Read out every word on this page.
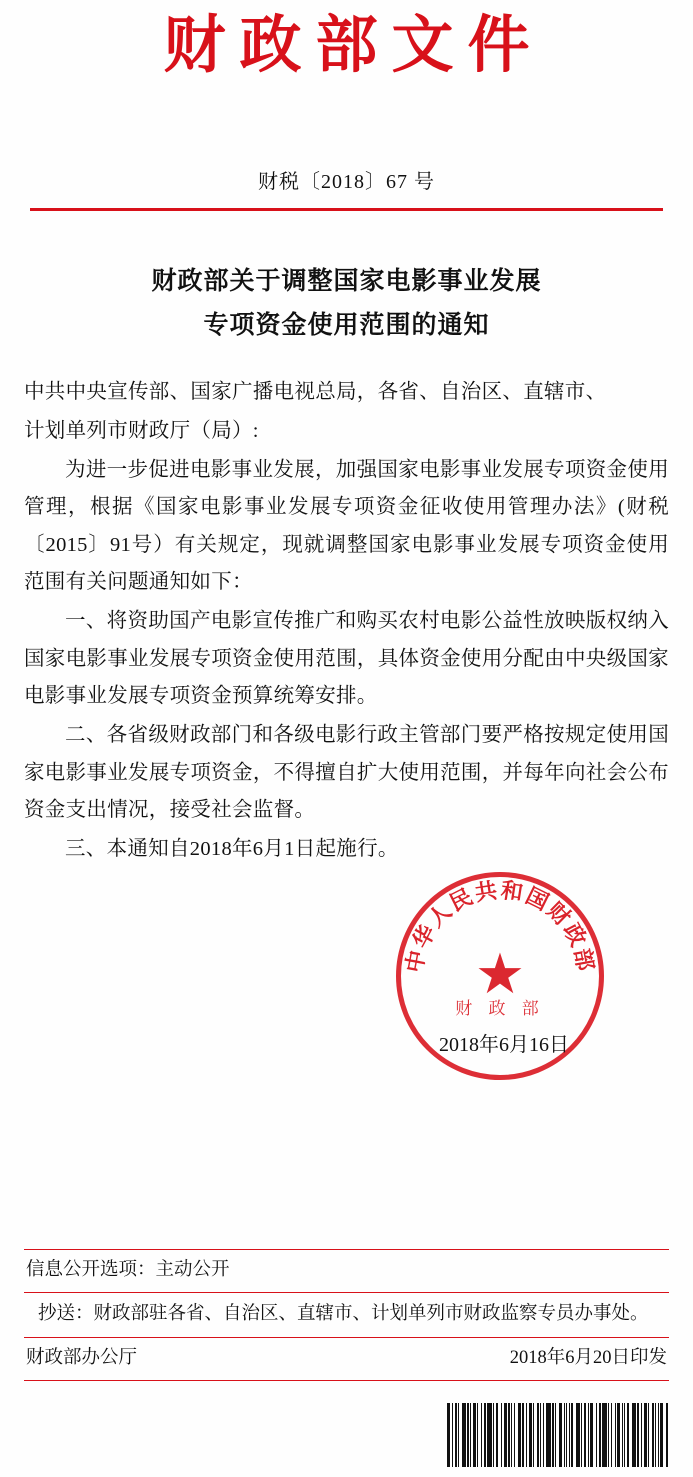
财政部文件
财税〔2018〕67 号
财政部关于调整国家电影事业发展
专项资金使用范围的通知

中共中央宣传部、国家广播电视总局，各省、自治区、直辖市、

计划单列市财政厅（局）:

为进一步促进电影事业发展，加强国家电影事业发展专项资金使用管理，根据《国家电影事业发展专项资金征收使用管理办法》(财税〔2015〕91号）有关规定，现就调整国家电影事业发展专项资金使用范围有关问题通知如下：

一、将资助国产电影宣传推广和购买农村电影公益性放映版权纳入国家电影事业发展专项资金使用范围，具体资金使用分配由中央级国家电影事业发展专项资金预算统筹安排。

二、各省级财政部门和各级电影行政主管部门要严格按规定使用国家电影事业发展专项资金，不得擅自扩大使用范围，并每年向社会公布资金支出情况，接受社会监督。

三、本通知自2018年6月1日起施行。

中华人民共和国财政部
★
财 政 部
2018年6月16日
信息公开选项：主动公开
抄送：财政部驻各省、自治区、直辖市、计划单列市财政监察专员办事处。
财政部办公厅	2018年6月20日印发
